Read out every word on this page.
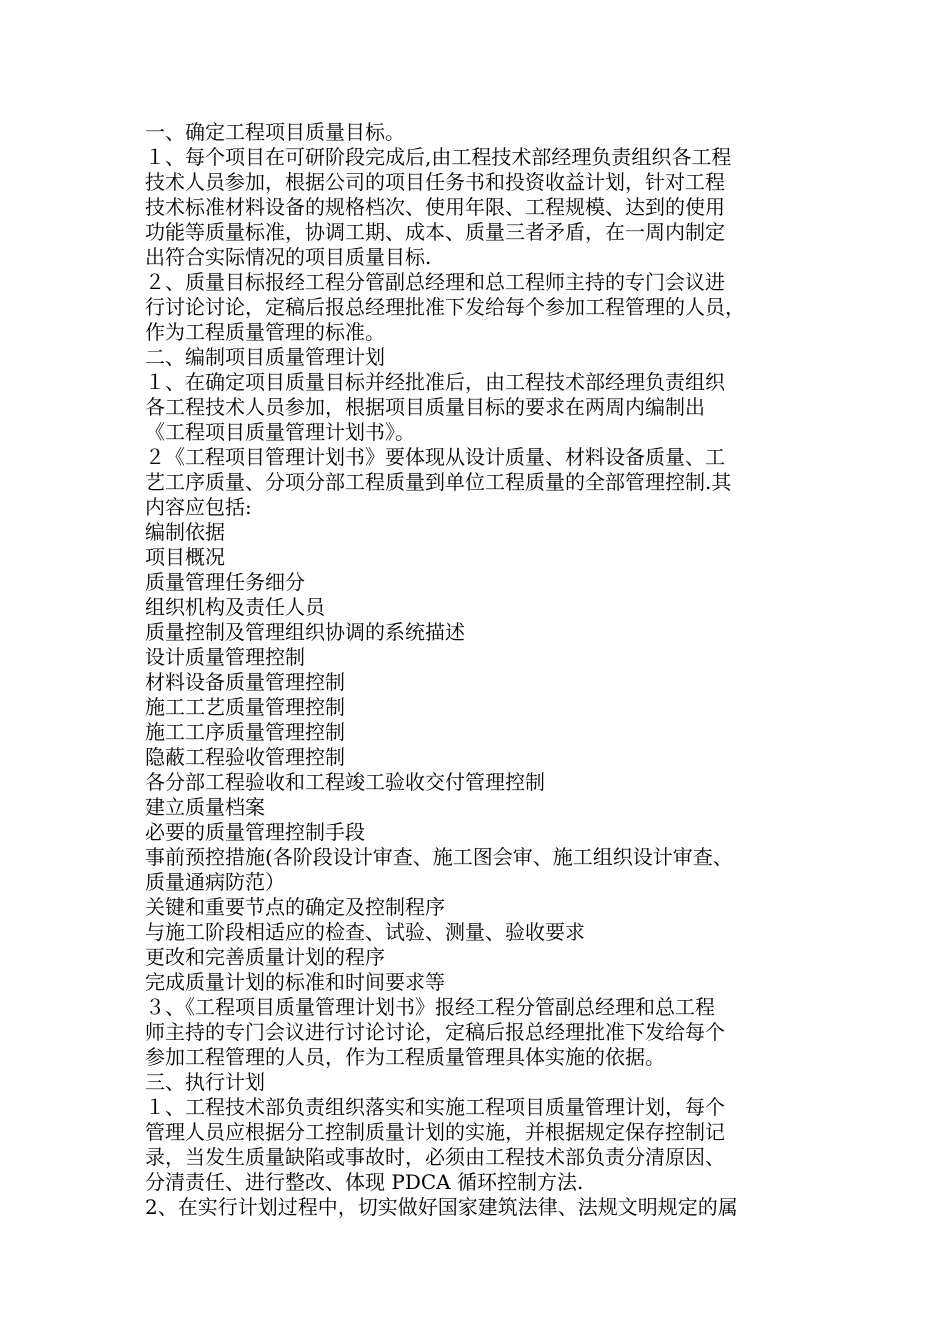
一、确定工程项目质量目标。
１、每个项目在可研阶段完成后,由工程技术部经理负责组织各工程
技术人员参加，根据公司的项目任务书和投资收益计划，针对工程
技术标准材料设备的规格档次、使用年限、工程规模、达到的使用
功能等质量标准，协调工期、成本、质量三者矛盾，在一周内制定
出符合实际情况的项目质量目标.
２、质量目标报经工程分管副总经理和总工程师主持的专门会议进
行讨论讨论，定稿后报总经理批准下发给每个参加工程管理的人员，
作为工程质量管理的标准。
二、编制项目质量管理计划
１、在确定项目质量目标并经批准后，由工程技术部经理负责组织
各工程技术人员参加，根据项目质量目标的要求在两周内编制出
《工程项目质量管理计划书》。
２《工程项目管理计划书》要体现从设计质量、材料设备质量、工
艺工序质量、分项分部工程质量到单位工程质量的全部管理控制.其
内容应包括:
编制依据
项目概况
质量管理任务细分
组织机构及责任人员
质量控制及管理组织协调的系统描述
设计质量管理控制
材料设备质量管理控制
施工工艺质量管理控制
施工工序质量管理控制
隐蔽工程验收管理控制
各分部工程验收和工程竣工验收交付管理控制
建立质量档案
必要的质量管理控制手段
事前预控措施(各阶段设计审查、施工图会审、施工组织设计审查、
质量通病防范）
关键和重要节点的确定及控制程序
与施工阶段相适应的检查、试验、测量、验收要求
更改和完善质量计划的程序
完成质量计划的标准和时间要求等
３、《工程项目质量管理计划书》报经工程分管副总经理和总工程
师主持的专门会议进行讨论讨论，定稿后报总经理批准下发给每个
参加工程管理的人员，作为工程质量管理具体实施的依据。
三、执行计划
１、工程技术部负责组织落实和实施工程项目质量管理计划，每个
管理人员应根据分工控制质量计划的实施，并根据规定保存控制记
录，当发生质量缺陷或事故时，必须由工程技术部负责分清原因、
分清责任、进行整改、体现 PDCA 循环控制方法.
2、在实行计划过程中，切实做好国家建筑法律、法规文明规定的属
